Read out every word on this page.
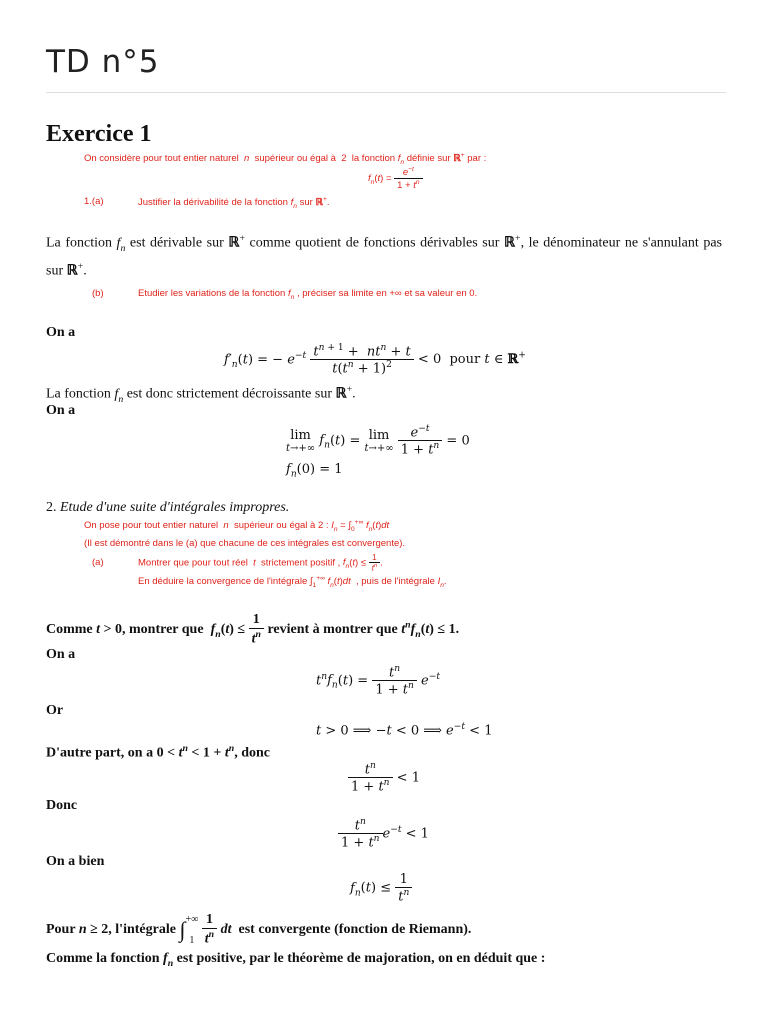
TD n°5
Exercice 1
On considère pour tout entier naturel  n  supérieur ou égal à  2  la fonction $f_n$ définie sur ℝ+ par :
$f_n(t) = \frac{e^{-t}}{1 + t^n}$
1.(a)	Justifier la dérivabilité de la fonction $f_n$ sur ℝ+.
La fonction $f_n$ est dérivable sur ℝ+ comme quotient de fonctions dérivables sur ℝ+, le dénominateur ne s'annulant pas sur ℝ+.
(b)	Etudier les variations de la fonction $f_n$ , préciser sa limite en +∞ et sa valeur en 0.
On a
$f'_n(t)$ = − $e^{-t} \frac{t^{n + 1} + nt^n + t}{t(t^n + 1)^2} < 0$  pour t ∈ ℝ+
La fonction $f_n$ est donc strictement décroissante sur ℝ+.
On a
lim
t→+∞ $f_n(t) = \lim$
t→+∞
$\frac{e^{-t}}{1 + t^n} = 0$
$f_n(0) = 1$
2. Etude d'une suite d'intégrales impropres.
On pose pour tout entier naturel  n  supérieur ou égal à 2 : $I_n = \int_0^{+\infty}$ $f_n(t)dt$
(Il est démontré dans le (a) que chacune de ces intégrales est convergente).
(a)	Montrer que pour tout réel  t  strictement positif , $f_n(t) \le \frac{1}{t^n}$ .
En déduire la convergence de l'intégrale $\int_1^{+\infty}$ $f_n(t)dt$  , puis de l'intégrale $I_n$.
Comme t > 0, montrer que  $f_n(t) \le \frac{1}{t^n}$ revient à montrer que $t^nf_n(t) \le 1$.
On a
$t^nf_n(t) = \frac{t^n}{1 + t^n} e^{-t}$
Or
t > 0 ⟹ −t < 0 ⟹ $e^{-t} < 1$
D'autre part, on a $0 < t^n < 1 + t^n$, donc
$\frac{t^n}{1 + t^n} < 1$
Donc
$\frac{t^n}{1 + t^n} e^{-t} < 1$
On a bien
$f_n(t) \le \frac{1}{t^n}$
Pour n ≥ 2, l'intégrale ∫ +∞
1
$\frac{1}{t^n}$ dt  est convergente (fonction de Riemann).
Comme la fonction $f_n$ est positive, par le théorème de majoration, on en déduit que :
